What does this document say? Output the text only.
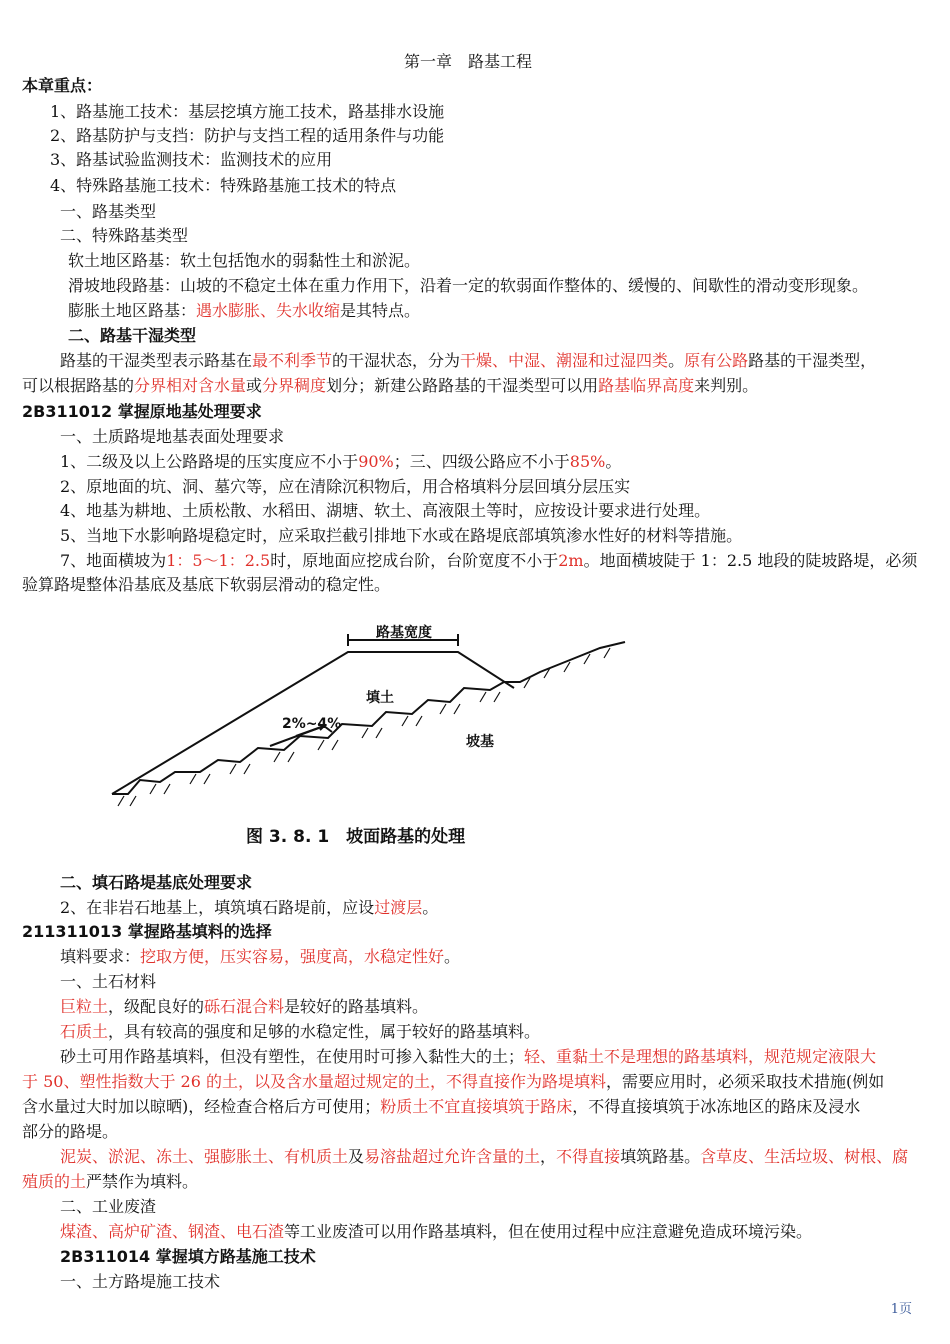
第一章　路基工程
本章重点：
1、路基施工技术：基层挖填方施工技术，路基排水设施
2、路基防护与支挡：防护与支挡工程的适用条件与功能
3、路基试验监测技术：监测技术的应用
4、特殊路基施工技术：特殊路基施工技术的特点
一、路基类型
二、特殊路基类型
软土地区路基：软土包括饱水的弱黏性土和淤泥。
滑坡地段路基：山坡的不稳定土体在重力作用下，沿着一定的软弱面作整体的、缓慢的、间歇性的滑动变形现象。
膨胀土地区路基：遇水膨胀、失水收缩是其特点。
二、路基干湿类型
路基的干湿类型表示路基在最不利季节的干湿状态，分为干燥、中湿、潮湿和过湿四类。原有公路路基的干湿类型，
可以根据路基的分界相对含水量或分界稠度划分；新建公路路基的干湿类型可以用路基临界高度来判别。
2B311012 掌握原地基处理要求
一、土质路堤地基表面处理要求
1、二级及以上公路路堤的压实度应不小于90%；三、四级公路应不小于85%。
2、原地面的坑、洞、墓穴等，应在清除沉积物后，用合格填料分层回填分层压实
4、地基为耕地、土质松散、水稻田、湖塘、软土、高液限土等时，应按设计要求进行处理。
5、当地下水影响路堤稳定时，应采取拦截引排地下水或在路堤底部填筑渗水性好的材料等措施。
7、地面横坡为1：5～1：2.5时，原地面应挖成台阶，台阶宽度不小于2m。地面横坡陡于 1：2.5 地段的陡坡路堤，必须
验算路堤整体沿基底及基底下软弱层滑动的稳定性。
路基宽度
填土
2%~4%
坡基
图 3. 8. 1　坡面路基的处理
二、填石路堤基底处理要求
2、在非岩石地基上，填筑填石路堤前，应设过渡层。
211311013 掌握路基填料的选择
填料要求：挖取方便，压实容易，强度高，水稳定性好。
一、土石材料
巨粒土，级配良好的砾石混合料是较好的路基填料。
石质土，具有较高的强度和足够的水稳定性，属于较好的路基填料。
砂土可用作路基填料，但没有塑性，在使用时可掺入黏性大的土；轻、重黏土不是理想的路基填料，规范规定液限大
于 50、塑性指数大于 26 的土，以及含水量超过规定的土，不得直接作为路堤填料，需要应用时，必须采取技术措施(例如
含水量过大时加以晾晒)，经检查合格后方可使用；粉质土不宜直接填筑于路床，不得直接填筑于冰冻地区的路床及浸水
部分的路堤。
泥炭、淤泥、冻土、强膨胀土、有机质土及易溶盐超过允许含量的土，不得直接填筑路基。含草皮、生活垃圾、树根、腐
殖质的土严禁作为填料。
二、工业废渣
煤渣、高炉矿渣、钢渣、电石渣等工业废渣可以用作路基填料，但在使用过程中应注意避免造成环境污染。
2B311014 掌握填方路基施工技术
一、土方路堤施工技术
1页
